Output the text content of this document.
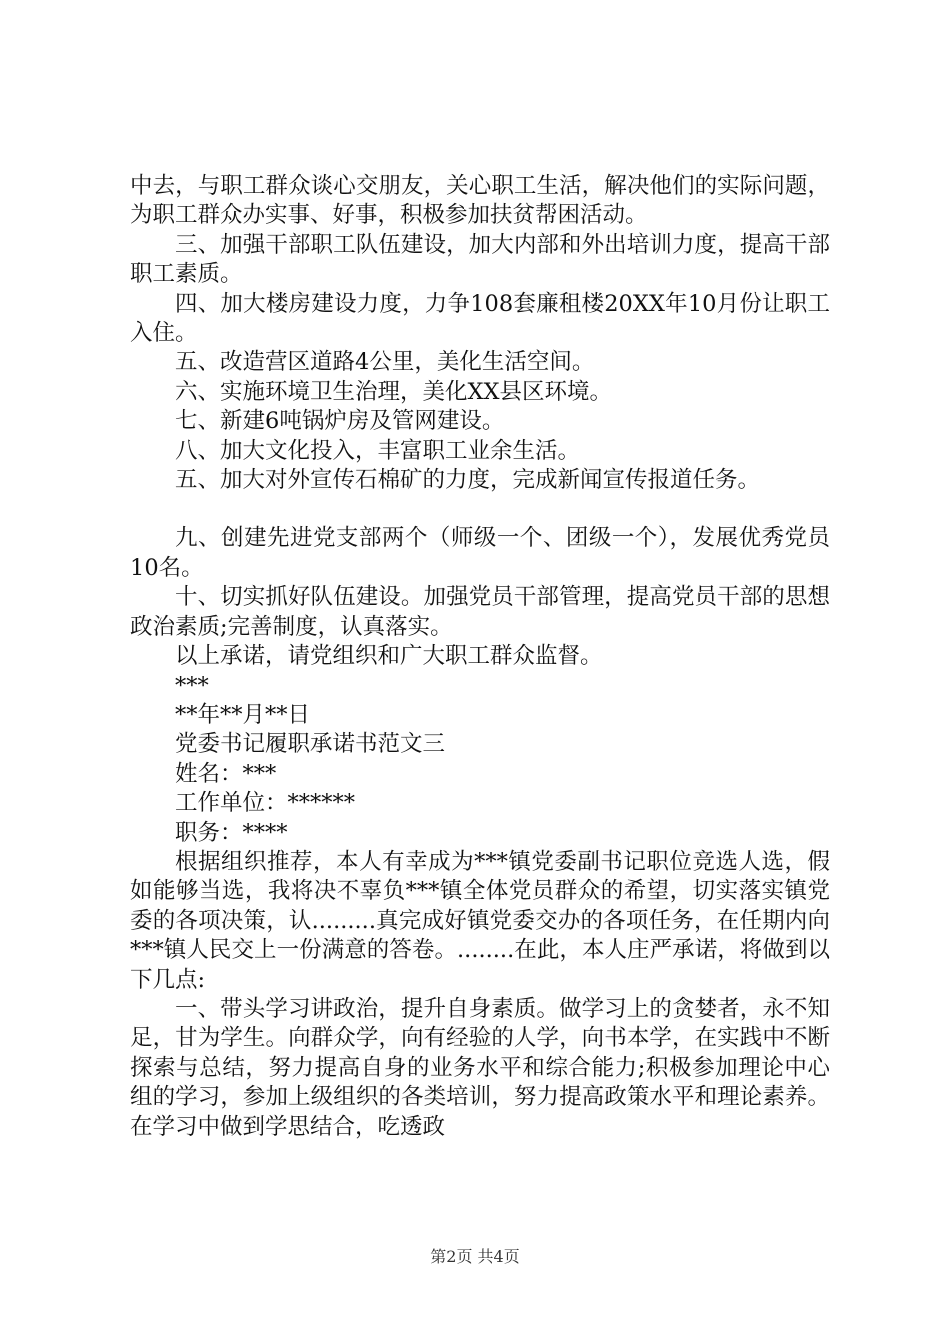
中去，与职工群众谈心交朋友，关心职工生活，解决他们的实际问题，为职工群众办实事、好事，积极参加扶贫帮困活动。

三、加强干部职工队伍建设，加大内部和外出培训力度，提高干部职工素质。

四、加大楼房建设力度，力争108套廉租楼20XX年10月份让职工入住。

五、改造营区道路4公里，美化生活空间。

六、实施环境卫生治理，美化XX县区环境。

七、新建6吨锅炉房及管网建设。

八、加大文化投入，丰富职工业余生活。

五、加大对外宣传石棉矿的力度，完成新闻宣传报道任务。

九、创建先进党支部两个（师级一个、团级一个），发展优秀党员10名。

十、切实抓好队伍建设。加强党员干部管理，提高党员干部的思想政治素质;完善制度，认真落实。

以上承诺，请党组织和广大职工群众监督。

***

**年**月**日

党委书记履职承诺书范文三

姓名：***

工作单位：******

职务：****

根据组织推荐，本人有幸成为***镇党委副书记职位竞选人选，假如能够当选，我将决不辜负***镇全体党员群众的希望，切实落实镇党委的各项决策，认.........真完成好镇党委交办的各项任务，在任期内向***镇人民交上一份满意的答卷。........在此，本人庄严承诺，将做到以下几点:

一、带头学习讲政治，提升自身素质。做学习上的贪婪者，永不知足，甘为学生。向群众学，向有经验的人学，向书本学，在实践中不断探索与总结，努力提高自身的业务水平和综合能力;积极参加理论中心组的学习，参加上级组织的各类培训，努力提高政策水平和理论素养。在学习中做到学思结合，吃透政

第2页 共4页
